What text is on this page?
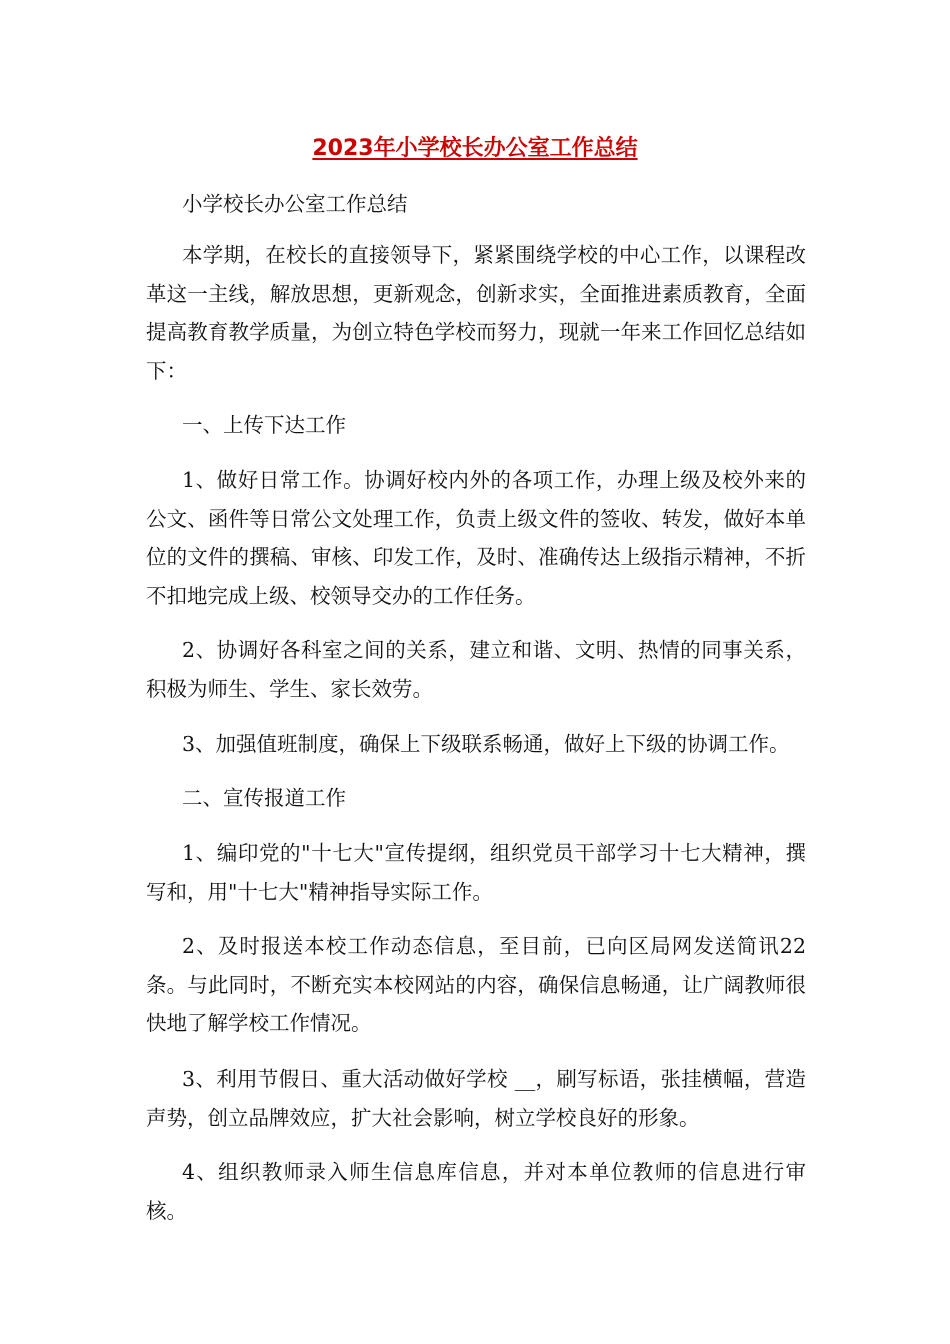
2023年小学校长办公室工作总结

小学校长办公室工作总结

本学期，在校长的直接领导下，紧紧围绕学校的中心工作，以课程改革这一主线，解放思想，更新观念，创新求实，全面推进素质教育，全面提高教育教学质量，为创立特色学校而努力，现就一年来工作回忆总结如下：

一、上传下达工作

1、做好日常工作。协调好校内外的各项工作，办理上级及校外来的公文、函件等日常公文处理工作，负责上级文件的签收、转发，做好本单位的文件的撰稿、审核、印发工作，及时、准确传达上级指示精神，不折不扣地完成上级、校领导交办的工作任务。

2、协调好各科室之间的关系，建立和谐、文明、热情的同事关系，积极为师生、学生、家长效劳。

3、加强值班制度，确保上下级联系畅通，做好上下级的协调工作。

二、宣传报道工作

1、编印党的"十七大"宣传提纲，组织党员干部学习十七大精神，撰写和，用"十七大"精神指导实际工作。

2、及时报送本校工作动态信息，至目前，已向区局网发送简讯22条。与此同时，不断充实本校网站的内容，确保信息畅通，让广阔教师很快地了解学校工作情况。

3、利用节假日、重大活动做好学校 __，刷写标语，张挂横幅，营造声势，创立品牌效应，扩大社会影响，树立学校良好的形象。

4、组织教师录入师生信息库信息，并对本单位教师的信息进行审核。
